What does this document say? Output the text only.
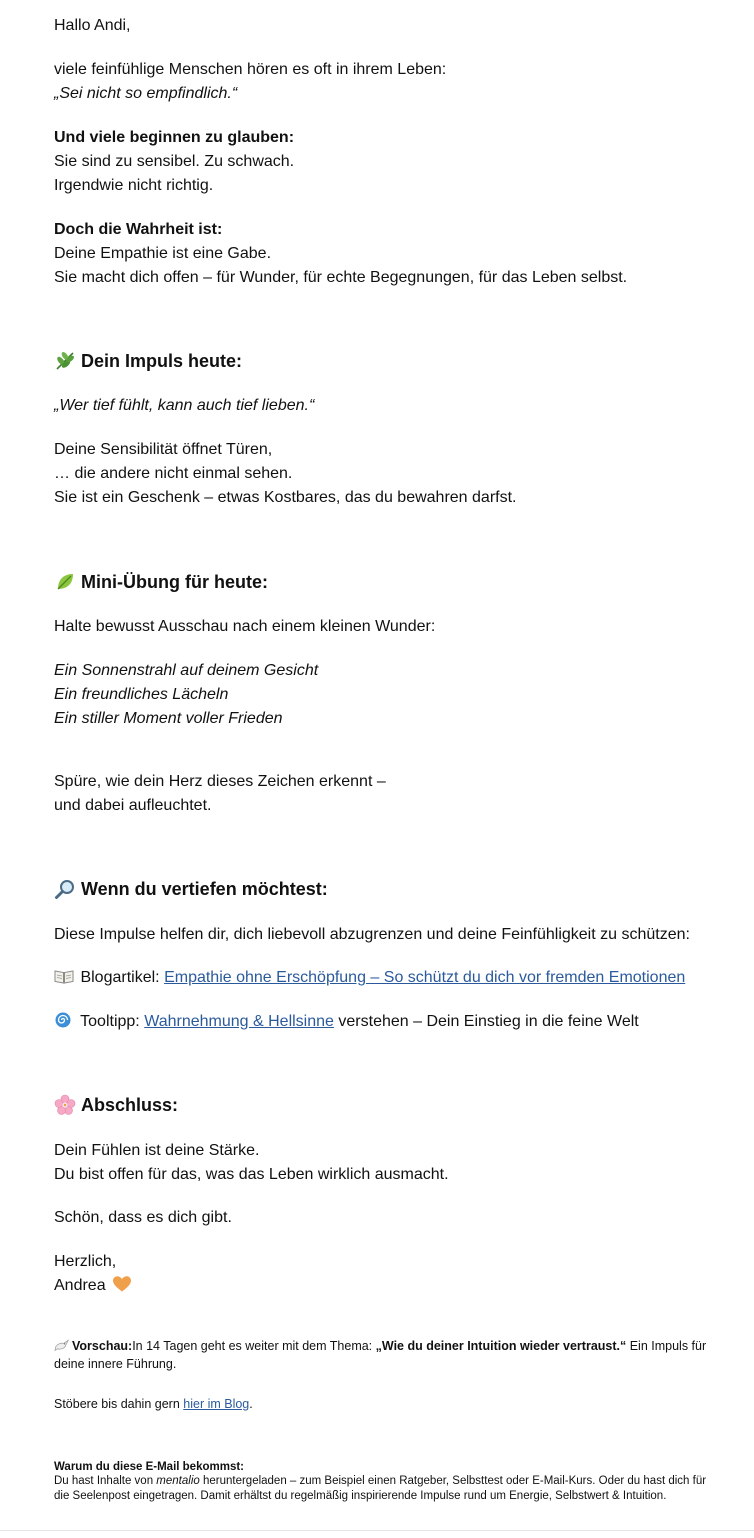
Hallo Andi,
viele feinfühlige Menschen hören es oft in ihrem Leben:
„Sei nicht so empfindlich.“
Und viele beginnen zu glauben:
Sie sind zu sensibel. Zu schwach.
Irgendwie nicht richtig.
Doch die Wahrheit ist:
Deine Empathie ist eine Gabe.
Sie macht dich offen – für Wunder, für echte Begegnungen, für das Leben selbst.
Dein Impuls heute:
„Wer tief fühlt, kann auch tief lieben.“
Deine Sensibilität öffnet Türen,
… die andere nicht einmal sehen.
Sie ist ein Geschenk – etwas Kostbares, das du bewahren darfst.
Mini-Übung für heute:
Halte bewusst Ausschau nach einem kleinen Wunder:
Ein Sonnenstrahl auf deinem Gesicht
Ein freundliches Lächeln
Ein stiller Moment voller Frieden
Spüre, wie dein Herz dieses Zeichen erkennt –
und dabei aufleuchtet.
Wenn du vertiefen möchtest:
Diese Impulse helfen dir, dich liebevoll abzugrenzen und deine Feinfühligkeit zu schützen:
Blogartikel: Empathie ohne Erschöpfung – So schützt du dich vor fremden Emotionen
Tooltipp: Wahrnehmung & Hellsinne verstehen – Dein Einstieg in die feine Welt
Abschluss:
Dein Fühlen ist deine Stärke.
Du bist offen für das, was das Leben wirklich ausmacht.
Schön, dass es dich gibt.
Herzlich,
Andrea
Vorschau:In 14 Tagen geht es weiter mit dem Thema: „Wie du deiner Intuition wieder vertraust.“ Ein Impuls für deine innere Führung.
Stöbere bis dahin gern hier im Blog.
Warum du diese E-Mail bekommst:
Du hast Inhalte von mentalio heruntergeladen – zum Beispiel einen Ratgeber, Selbsttest oder E-Mail-Kurs. Oder du hast dich für die Seelenpost eingetragen. Damit erhältst du regelmäßig inspirierende Impulse rund um Energie, Selbstwert & Intuition.
